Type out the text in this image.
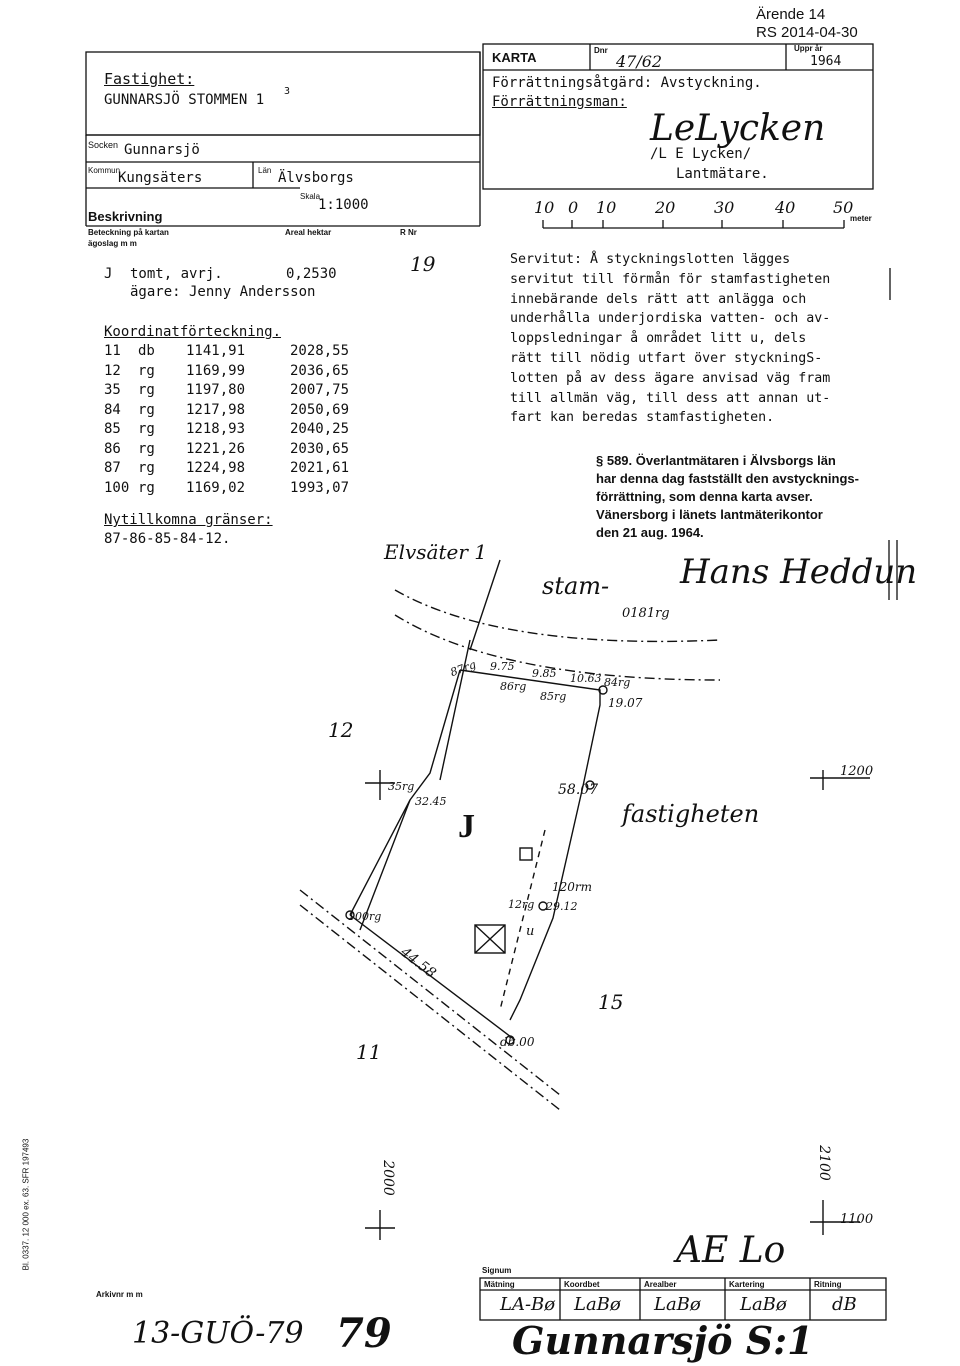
Ärende 14
RS 2014-04-30
Fastighet:
GUNNARSJÖ STOMMEN 1
3
Socken Gunnarsjö
Kommun
Kungsäters	Län Älvsborgs
Skala
1:1000
Beskrivning
Beteckning på kartan
ägoslag m m
Areal hektar	R Nr
J tomt, avrj.	0,2530
ägare: Jenny Andersson
19
Koordinatförteckning.
11 db 1141,91	2028,55
12 rg 1169,99	2036,65
35 rg 1197,80	2007,75
84 rg 1217,98	2050,69
85 rg 1218,93	2040,25
86 rg 1221,26	2030,65
87 rg 1224,98	2021,61
100 rg 1169,02	1993,07
Nytillkomna gränser:
87-86-85-84-12.
KARTA	Dnr
47/62
Uppr år
1964
Förrättningsåtgärd: Avstyckning.
Förrättningsman:
LeLycken
/L E Lycken/
Lantmätare.
10 0 10 20 30	40 50
meter
Servitut: Å styckningslotten lägges
servitut till förmån för stamfastigheten
innebärande dels rätt att anlägga och
underhålla underjordiska vatten- och av-
loppsledningar å området litt u, dels
rätt till nödig utfart över styckningS-
lotten på av dess ägare anvisad väg fram
till allmän väg, till dess att annan ut-
fart kan beredas stamfastigheten.
§ 589. Överlantmätaren i Älvsborgs län
har denna dag fastställt den avstycknings-
förrättning, som denna karta avser.
Vänersborg i länets lantmäterikontor
den 21 aug. 1964.
Hans Heddun
Elvsäter 1
stam-
0181rg
87rg 9.75
9.85
86rg
85rg
10.63 84rg
19.07
12
35rg
32.45
58.07
fastigheten
1200
J
120rm
12rg 29.12
u
100rg
44.58
15
db.00
11
2000	2100
1100
Bl. 0337. 12 000 ex. 63. SFR 197493	AE Lo
Signum
Mätning	Koordbet	Arealber	Kartering	Ritning
LA-Bø LaBø LaBø LaBø	dB
Arkivnr m m
13-GUÖ-79 79	Gunnarsjö S:1
